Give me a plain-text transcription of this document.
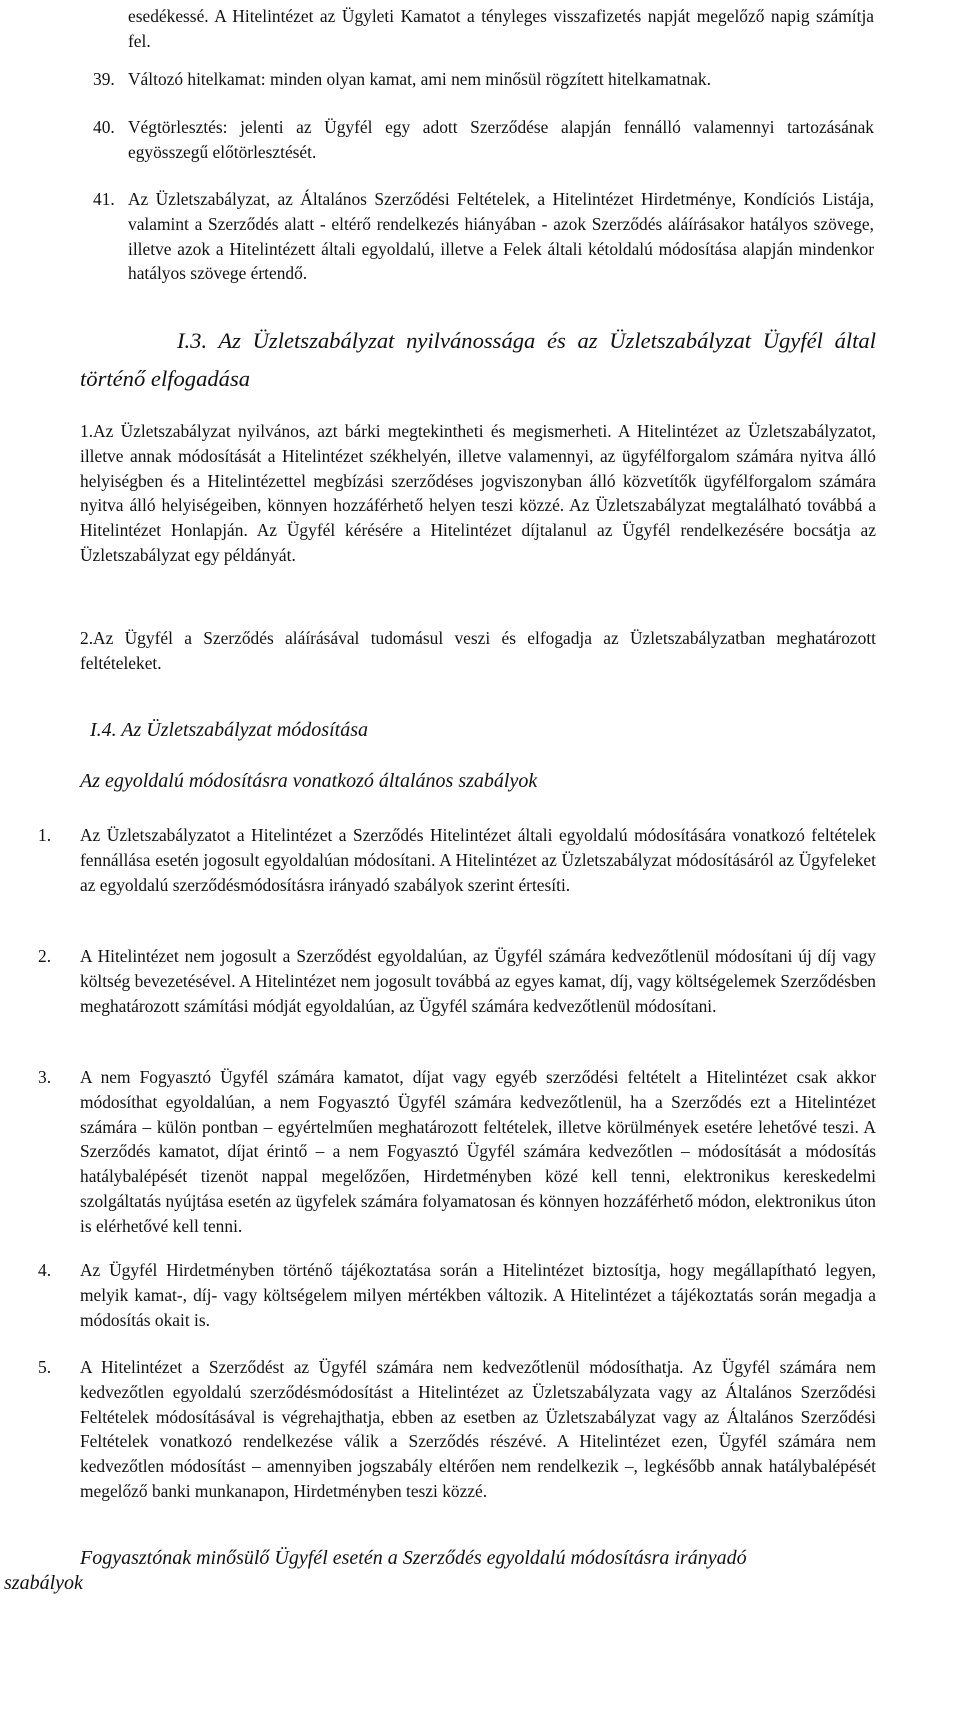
esedékessé. A Hitelintézet az Ügyleti Kamatot a tényleges visszafizetés napját megelőző napig számítja fel.

39. Változó hitelkamat: minden olyan kamat, ami nem minősül rögzített hitelkamatnak.

40. Végtörlesztés: jelenti az Ügyfél egy adott Szerződése alapján fennálló valamennyi tartozásának egyösszegű előtörlesztését.

41. Az Üzletszabályzat, az Általános Szerződési Feltételek, a Hitelintézet Hirdetménye, Kondíciós Listája, valamint a Szerződés alatt - eltérő rendelkezés hiányában - azok Szerződés aláírásakor hatályos szövege, illetve azok a Hitelintézett általi egyoldalú, illetve a Felek általi kétoldalú módosítása alapján mindenkor hatályos szövege értendő.

I.3. Az Üzletszabályzat nyilvánossága és az Üzletszabályzat Ügyfél által történő elfogadása

1.Az Üzletszabályzat nyilvános, azt bárki megtekintheti és megismerheti. A Hitelintézet az Üzletszabályzatot, illetve annak módosítását a Hitelintézet székhelyén, illetve valamennyi, az ügyfélforgalom számára nyitva álló helyiségben és a Hitelintézettel megbízási szerződéses jogviszonyban álló közvetítők ügyfélforgalom számára nyitva álló helyiségeiben, könnyen hozzáférhető helyen teszi közzé. Az Üzletszabályzat megtalálható továbbá a Hitelintézet Honlapján. Az Ügyfél kérésére a Hitelintézet díjtalanul az Ügyfél rendelkezésére bocsátja az Üzletszabályzat egy példányát.

2.Az Ügyfél a Szerződés aláírásával tudomásul veszi és elfogadja az Üzletszabályzatban meghatározott feltételeket.

I.4. Az Üzletszabályzat módosítása
Az egyoldalú módosításra vonatkozó általános szabályok
1. Az Üzletszabályzatot a Hitelintézet a Szerződés Hitelintézet általi egyoldalú módosítására vonatkozó feltételek fennállása esetén jogosult egyoldalúan módosítani. A Hitelintézet az Üzletszabályzat módosításáról az Ügyfeleket az egyoldalú szerződésmódosításra irányadó szabályok szerint értesíti.

2. A Hitelintézet nem jogosult a Szerződést egyoldalúan, az Ügyfél számára kedvezőtlenül módosítani új díj vagy költség bevezetésével. A Hitelintézet nem jogosult továbbá az egyes kamat, díj, vagy költségelemek Szerződésben meghatározott számítási módját egyoldalúan, az Ügyfél számára kedvezőtlenül módosítani.

3. A nem Fogyasztó Ügyfél számára kamatot, díjat vagy egyéb szerződési feltételt a Hitelintézet csak akkor módosíthat egyoldalúan, a nem Fogyasztó Ügyfél számára kedvezőtlenül, ha a Szerződés ezt a Hitelintézet számára – külön pontban – egyértelműen meghatározott feltételek, illetve körülmények esetére lehetővé teszi. A Szerződés kamatot, díjat érintő – a nem Fogyasztó Ügyfél számára kedvezőtlen – módosítását a módosítás hatálybalépését tizenöt nappal megelőzően, Hirdetményben közé kell tenni, elektronikus kereskedelmi szolgáltatás nyújtása esetén az ügyfelek számára folyamatosan és könnyen hozzáférhető módon, elektronikus úton is elérhetővé kell tenni.

4. Az Ügyfél Hirdetményben történő tájékoztatása során a Hitelintézet biztosítja, hogy megállapítható legyen, melyik kamat-, díj- vagy költségelem milyen mértékben változik. A Hitelintézet a tájékoztatás során megadja a módosítás okait is.

5. A Hitelintézet a Szerződést az Ügyfél számára nem kedvezőtlenül módosíthatja. Az Ügyfél számára nem kedvezőtlen egyoldalú szerződésmódosítást a Hitelintézet az Üzletszabályzata vagy az Általános Szerződési Feltételek módosításával is végrehajthatja, ebben az esetben az Üzletszabályzat vagy az Általános Szerződési Feltételek vonatkozó rendelkezése válik a Szerződés részévé. A Hitelintézet ezen, Ügyfél számára nem kedvezőtlen módosítást – amennyiben jogszabály eltérően nem rendelkezik –, legkésőbb annak hatálybalépését megelőző banki munkanapon, Hirdetményben teszi közzé.

Fogyasztónak minősülő Ügyfél esetén a Szerződés egyoldalú módosításra irányadó
szabályok
